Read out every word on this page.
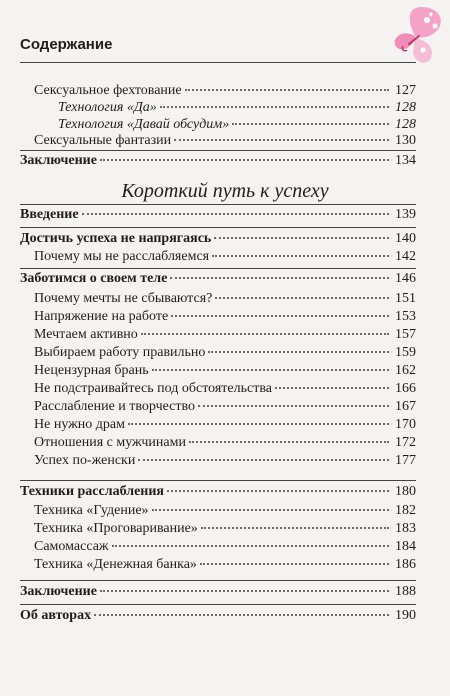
Содержание
Сексуальное фехтование	127
Технология «Да»	128
Технология «Давай обсудим»	128
Сексуальные фантазии	130
Заключение	134
Короткий путь к успеху
Введение	139
Достичь успеха не напрягаясь	140
Почему мы не расслабляемся	142
Заботимся о своем теле	146
Почему мечты не сбываются?	151
Напряжение на работе	153
Мечтаем активно	157
Выбираем работу правильно	159
Нецензурная брань	162
Не подстраивайтесь под обстоятельства	166
Расслабление и творчество	167
Не нужно драм	170
Отношения с мужчинами	172
Успех по-женски	177
Техники расслабления	180
Техника «Гудение»	182
Техника «Проговаривание»	183
Самомассаж	184
Техника «Денежная банка»	186
Заключение	188
Об авторах	190
